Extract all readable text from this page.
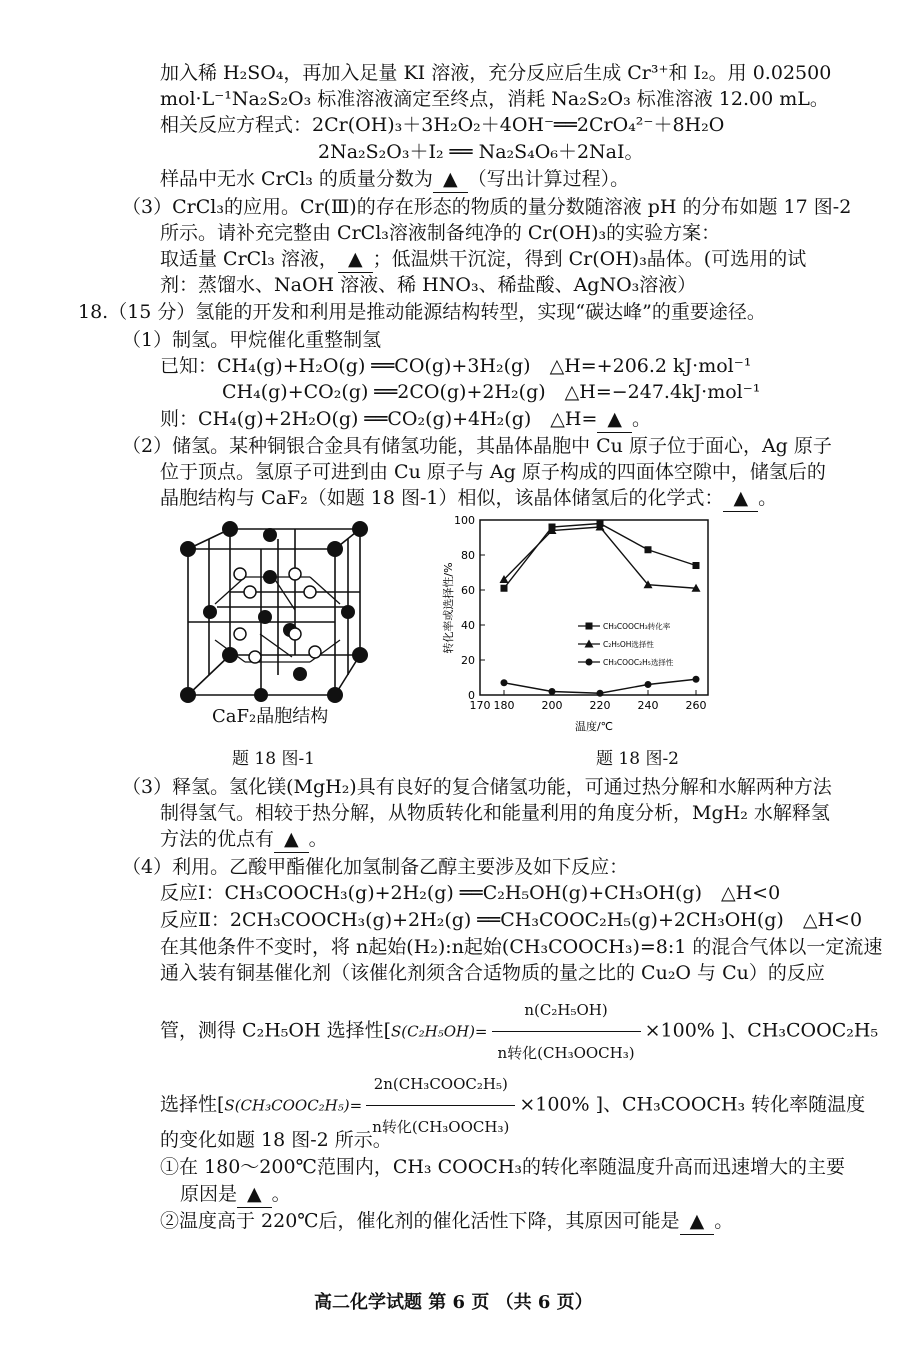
加入稀 H₂SO₄，再加入足量 KI 溶液，充分反应后生成 Cr³⁺和 I₂。用 0.02500
mol·L⁻¹Na₂S₂O₃ 标准溶液滴定至终点，消耗 Na₂S₂O₃ 标准溶液 12.00 mL。
相关反应方程式：2Cr(OH)₃＋3H₂O₂＋4OH⁻══2CrO₄²⁻＋8H₂O
2Na₂S₂O₃＋I₂ ══ Na₂S₄O₆＋2NaI。
样品中无水 CrCl₃ 的质量分数为 ▲ （写出计算过程）。
（3）CrCl₃的应用。Cr(Ⅲ)的存在形态的物质的量分数随溶液 pH 的分布如题 17 图-2
所示。请补充完整由 CrCl₃溶液制备纯净的 Cr(OH)₃的实验方案：
取适量 CrCl₃ 溶液， ▲ ；低温烘干沉淀，得到 Cr(OH)₃晶体。(可选用的试
剂：蒸馏水、NaOH 溶液、稀 HNO₃、稀盐酸、AgNO₃溶液）
18.（15 分）氢能的开发和利用是推动能源结构转型，实现“碳达峰”的重要途径。
（1）制氢。甲烷催化重整制氢
已知：CH₄(g)+H₂O(g) ══CO(g)+3H₂(g)　△H=+206.2 kJ·mol⁻¹
CH₄(g)+CO₂(g) ══2CO(g)+2H₂(g)　△H=−247.4kJ·mol⁻¹
则：CH₄(g)+2H₂O(g) ══CO₂(g)+4H₂(g)　△H= ▲ 。
（2）储氢。某种铜银合金具有储氢功能，其晶体晶胞中 Cu 原子位于面心，Ag 原子
位于顶点。氢原子可进到由 Cu 原子与 Ag 原子构成的四面体空隙中，储氢后的
晶胞结构与 CaF₂（如题 18 图-1）相似，该晶体储氢后的化学式： ▲ 。
CaF₂晶胞结构
题 18 图-1
0
20
40
60
80
100
170 180 200 220 240 260
转化率或选择性/%
温度/℃
CH₃COOCH₃转化率
C₂H₅OH选择性
CH₃COOC₂H₅选择性
题 18 图-2
（3）释氢。氢化镁(MgH₂)具有良好的复合储氢功能，可通过热分解和水解两种方法
制得氢气。相较于热分解，从物质转化和能量利用的角度分析，MgH₂ 水解释氢
方法的优点有 ▲ 。
（4）利用。乙酸甲酯催化加氢制备乙醇主要涉及如下反应：
反应Ⅰ：CH₃COOCH₃(g)+2H₂(g) ══C₂H₅OH(g)+CH₃OH(g)　△H<0
反应Ⅱ：2CH₃COOCH₃(g)+2H₂(g) ══CH₃COOC₂H₅(g)+2CH₃OH(g)　△H<0
在其他条件不变时，将 n起始(H₂):n起始(CH₃COOCH₃)=8:1 的混合气体以一定流速
通入装有铜基催化剂（该催化剂须含合适物质的量之比的 Cu₂O 与 Cu）的反应
管，测得 C₂H₅OH 选择性[$S(C_2H_5OH)= \frac{\text{n(C₂H₅OH)}}{\text{n转化(CH₃OOCH₃)}} \times 100\%$ ]、CH₃COOC₂H₅
选择性[S(CH₃COOC₂H₅)= $\frac{\text{2n(CH₃COOC₂H₅)}}{\text{n转化(CH₃OOCH₃)}} \times 100\%$ ]、CH₃COOCH₃ 转化率随温度
的变化如题 18 图-2 所示。
①在 180～200℃范围内，CH₃ COOCH₃的转化率随温度升高而迅速增大的主要
原因是 ▲ 。
②温度高于 220℃后，催化剂的催化活性下降，其原因可能是 ▲ 。
高二化学试题 第 6 页 （共 6 页）
